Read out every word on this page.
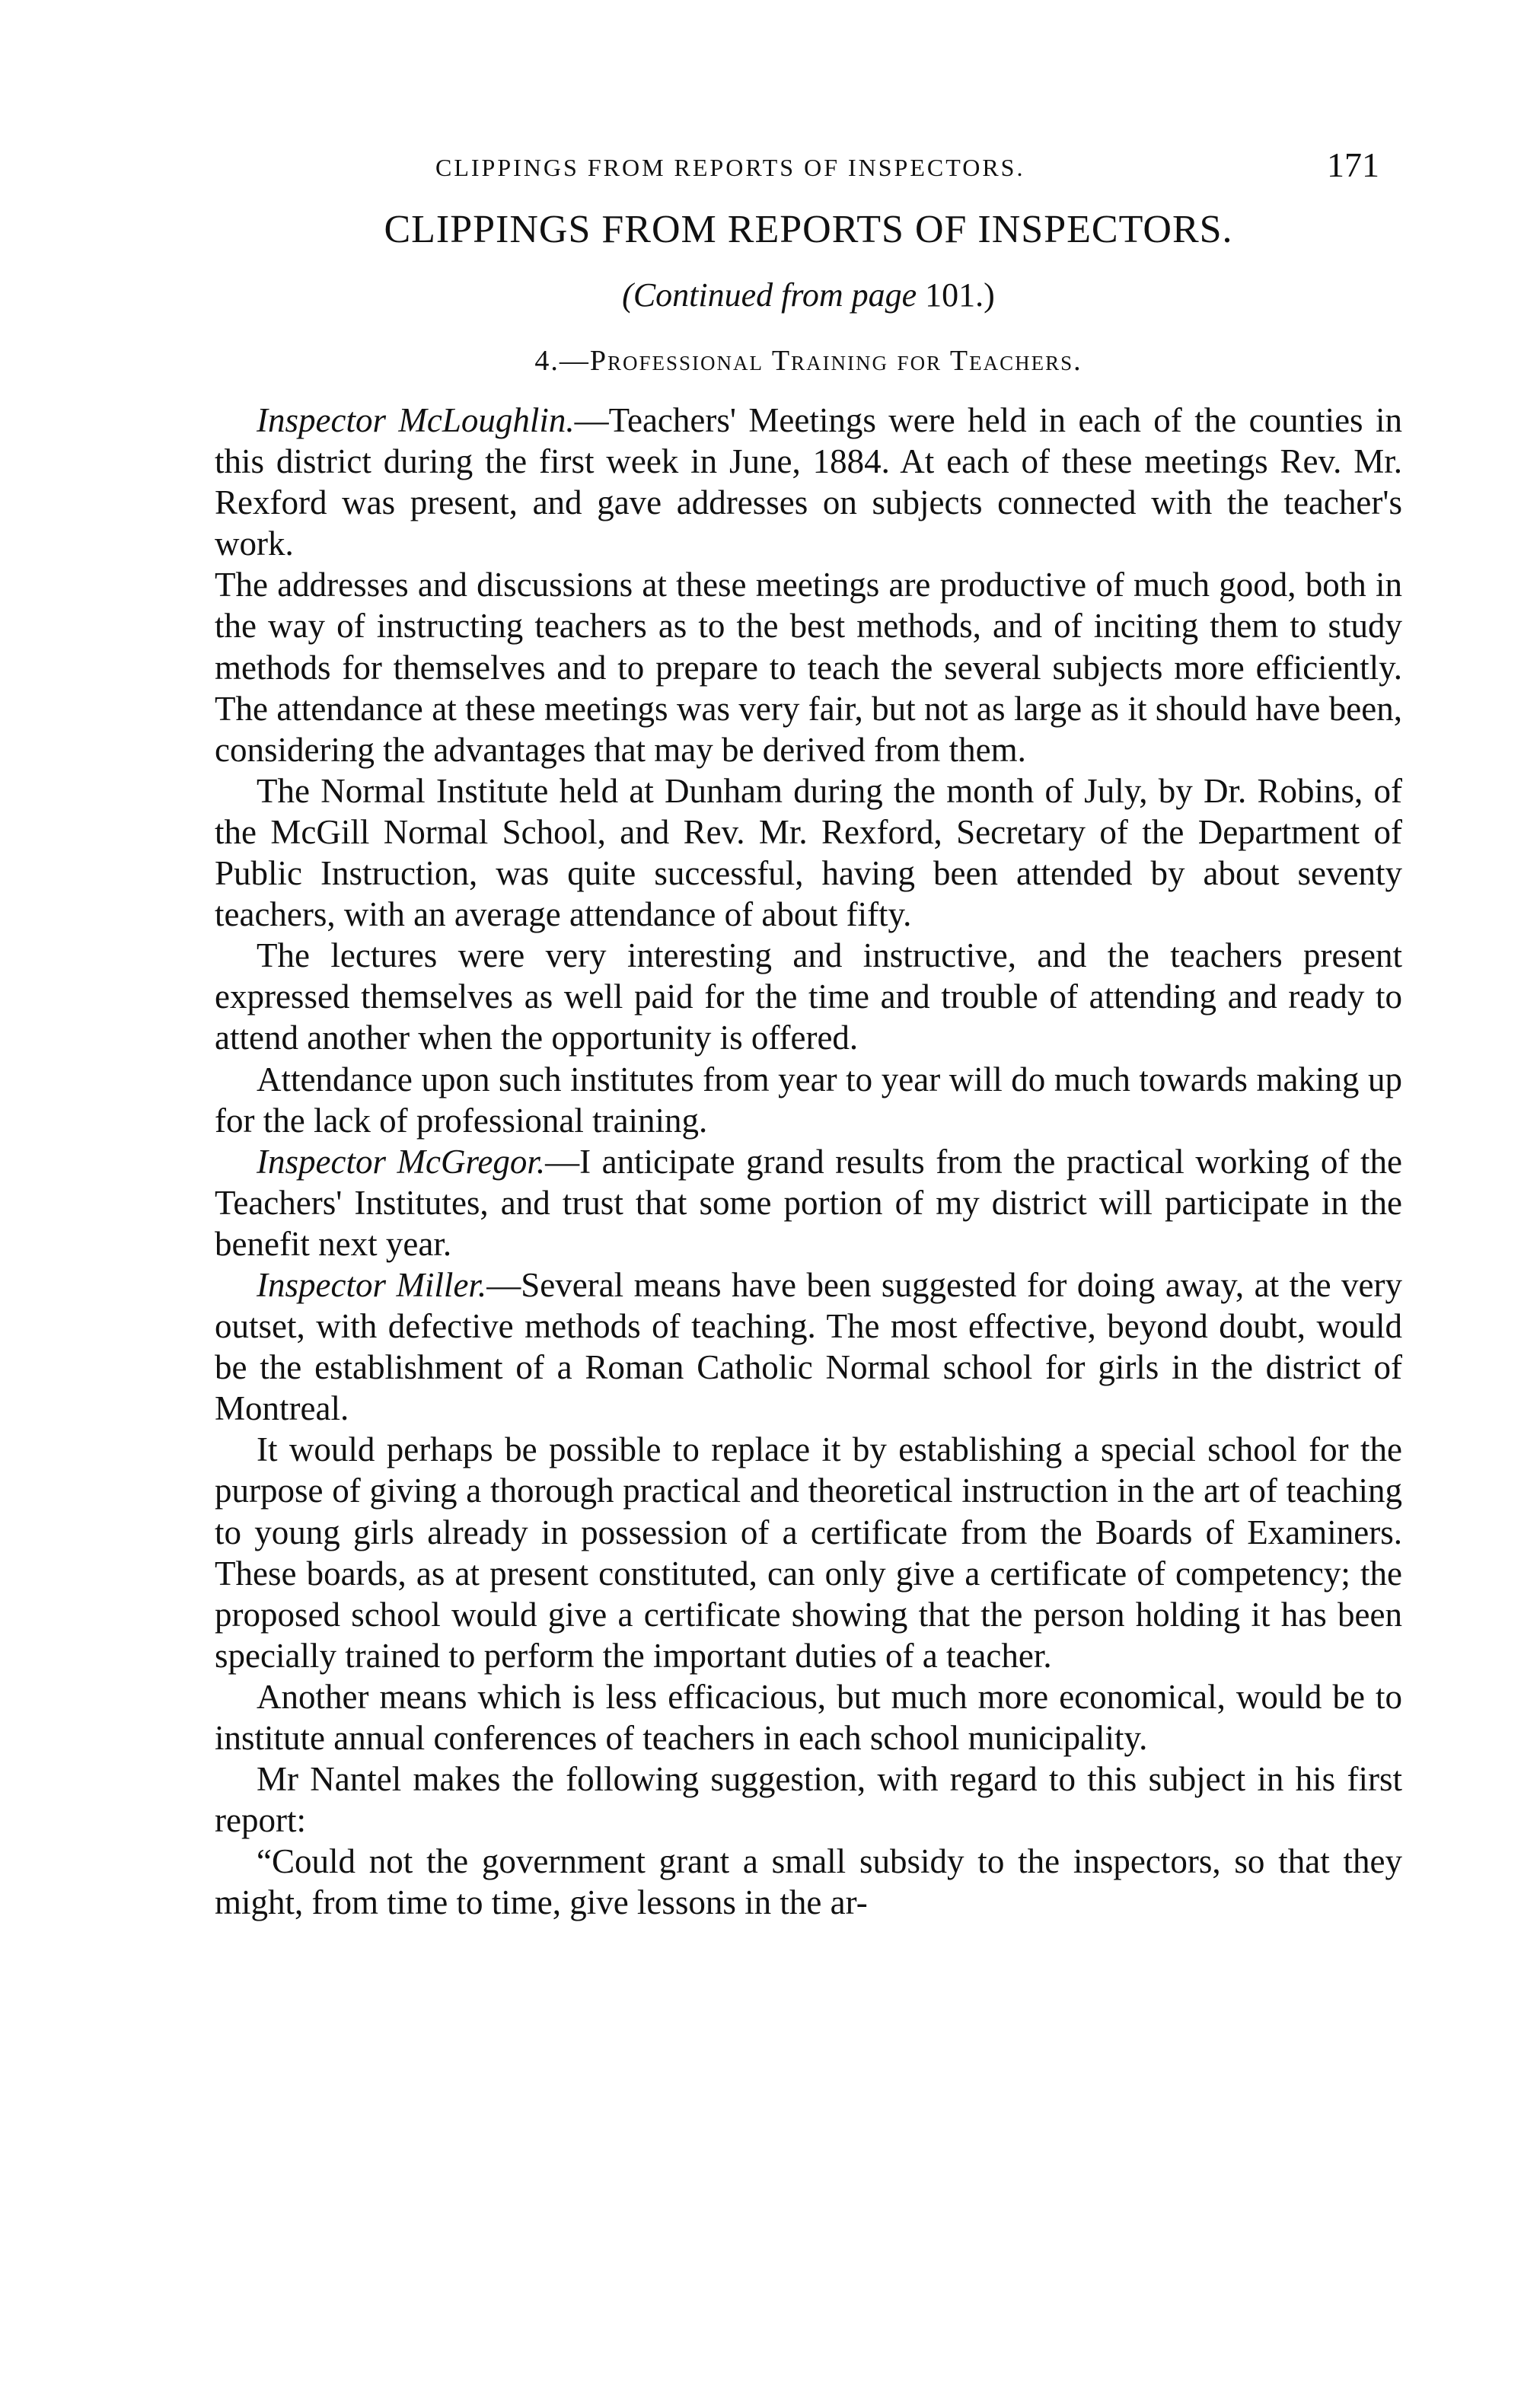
CLIPPINGS FROM REPORTS OF INSPECTORS.	171
CLIPPINGS FROM REPORTS OF INSPECTORS.
(Continued from page 101.)
4.—Professional Training for Teachers.

Inspector McLoughlin.—Teachers' Meetings were held in each of the counties in this district during the first week in June, 1884. At each of these meetings Rev. Mr. Rexford was present, and gave addresses on subjects connected with the teacher's work.

The addresses and discussions at these meetings are productive of much good, both in the way of instructing teachers as to the best methods, and of inciting them to study methods for themselves and to prepare to teach the several subjects more efficiently. The attendance at these meetings was very fair, but not as large as it should have been, considering the advantages that may be derived from them.

The Normal Institute held at Dunham during the month of July, by Dr. Robins, of the McGill Normal School, and Rev. Mr. Rexford, Secretary of the Department of Public Instruction, was quite successful, having been attended by about seventy teachers, with an average attendance of about fifty.

The lectures were very interesting and instructive, and the teachers present expressed themselves as well paid for the time and trouble of attending and ready to attend another when the opportunity is offered.

Attendance upon such institutes from year to year will do much towards making up for the lack of professional training.

Inspector McGregor.—I anticipate grand results from the practical working of the Teachers' Institutes, and trust that some portion of my district will participate in the benefit next year.

Inspector Miller.—Several means have been suggested for doing away, at the very outset, with defective methods of teaching. The most effective, beyond doubt, would be the establishment of a Roman Catholic Normal school for girls in the district of Montreal.

It would perhaps be possible to replace it by establishing a special school for the purpose of giving a thorough practical and theoretical instruction in the art of teaching to young girls already in possession of a certificate from the Boards of Examiners. These boards, as at present constituted, can only give a certificate of competency; the proposed school would give a certificate showing that the person holding it has been specially trained to perform the important duties of a teacher.

Another means which is less efficacious, but much more economical, would be to institute annual conferences of teachers in each school municipality.

Mr Nantel makes the following suggestion, with regard to this subject in his first report:

“Could not the government grant a small subsidy to the inspectors, so that they might, from time to time, give lessons in the ar-
